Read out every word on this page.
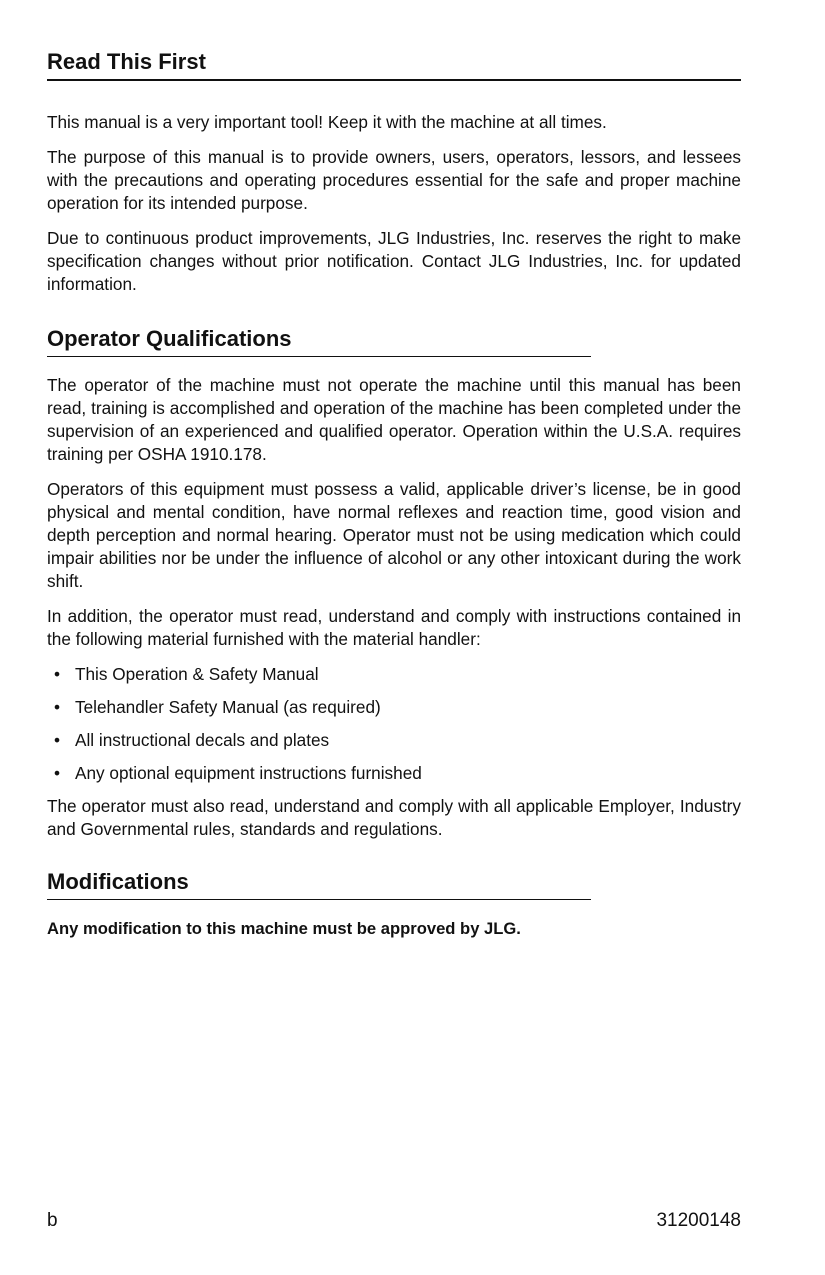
Read This First

This manual is a very important tool! Keep it with the machine at all times.

The purpose of this manual is to provide owners, users, operators, lessors, and lessees with the precautions and operating procedures essential for the safe and proper machine operation for its intended purpose.

Due to continuous product improvements, JLG Industries, Inc. reserves the right to make specification changes without prior notification. Contact JLG Industries, Inc. for updated information.

Operator Qualifications

The operator of the machine must not operate the machine until this manual has been read, training is accomplished and operation of the machine has been completed under the supervision of an experienced and qualified operator. Operation within the U.S.A. requires training per OSHA 1910.178.

Operators of this equipment must possess a valid, applicable driver’s license, be in good physical and mental condition, have normal reflexes and reaction time, good vision and depth perception and normal hearing. Operator must not be using medication which could impair abilities nor be under the influence of alcohol or any other intoxicant during the work shift.

In addition, the operator must read, understand and comply with instructions contained in the following material furnished with the material handler:

• This Operation & Safety Manual
• Telehandler Safety Manual (as required)
• All instructional decals and plates
• Any optional equipment instructions furnished

The operator must also read, understand and comply with all applicable Employer, Industry and Governmental rules, standards and regulations.

Modifications

Any modification to this machine must be approved by JLG.

b	31200148
